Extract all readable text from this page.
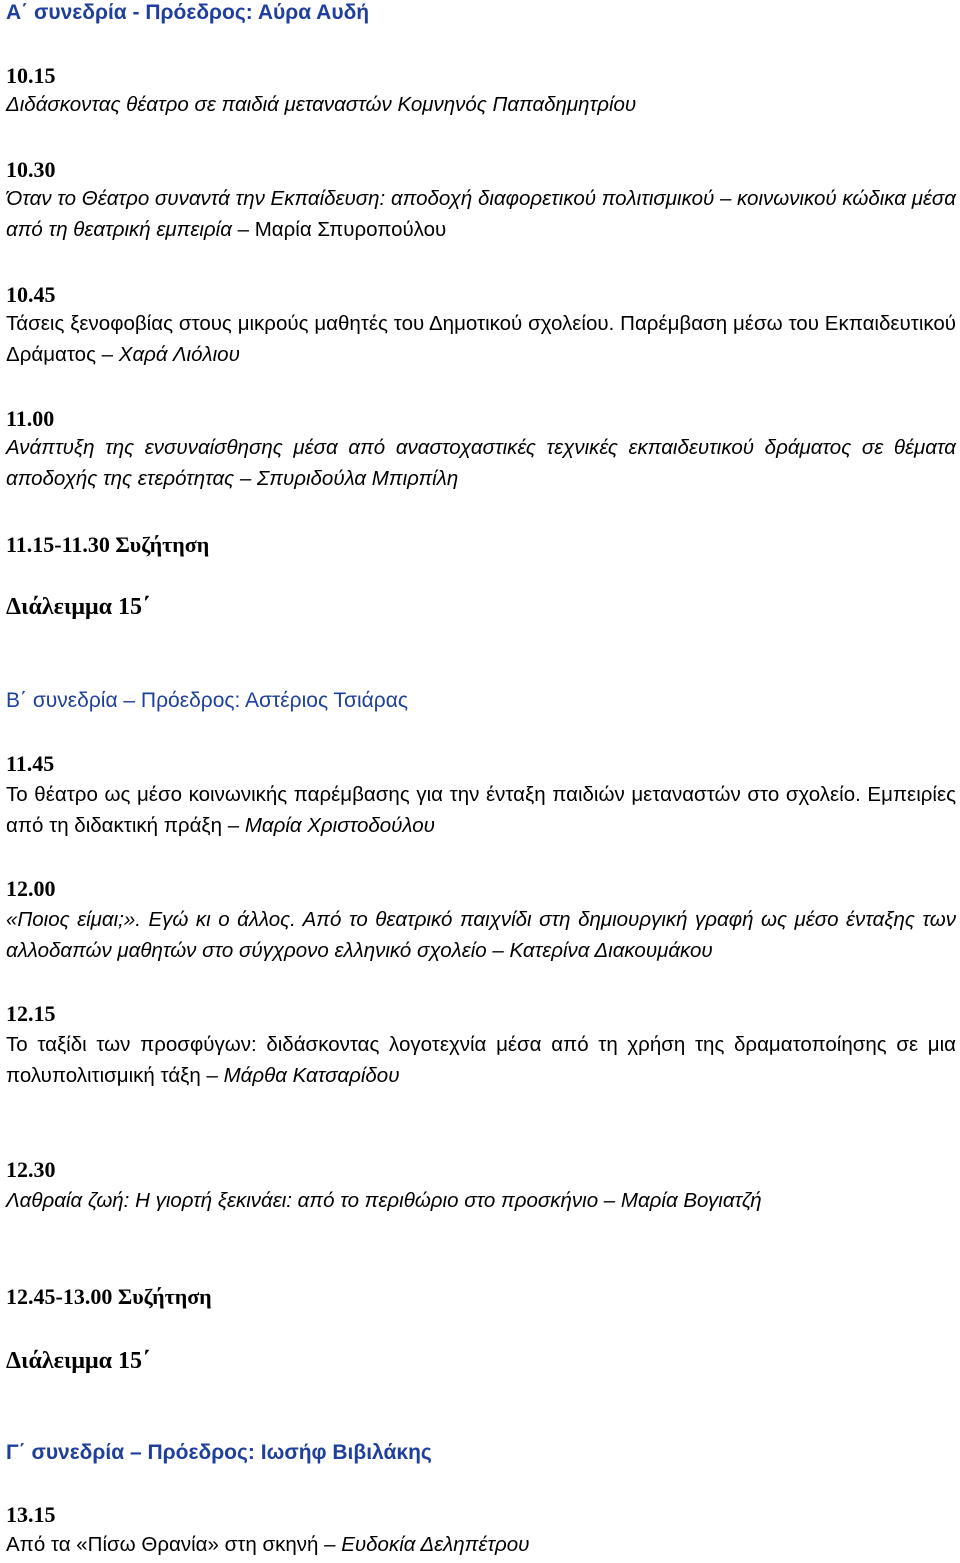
Α΄ συνεδρία - Πρόεδρος: Αύρα Αυδή
10.15
Διδάσκοντας θέατρο σε παιδιά μεταναστών Κομνηνός Παπαδημητρίου
10.30
Όταν το Θέατρο συναντά την Εκπαίδευση: αποδοχή διαφορετικού πολιτισμικού – κοινωνικού κώδικα μέσα από τη θεατρική εμπειρία – Μαρία Σπυροπούλου
10.45
Τάσεις ξενοφοβίας στους μικρούς μαθητές του Δημοτικού σχολείου. Παρέμβαση μέσω του Εκπαιδευτικού Δράματος – Χαρά Λιόλιου
11.00
Ανάπτυξη της ενσυναίσθησης μέσα από αναστοχαστικές τεχνικές εκπαιδευτικού δράματος σε θέματα αποδοχής της ετερότητας – Σπυριδούλα Μπιρπίλη
11.15-11.30 Συζήτηση
Διάλειμμα 15΄
Β΄ συνεδρία – Πρόεδρος: Αστέριος Τσιάρας
11.45
Το θέατρο ως μέσο κοινωνικής παρέμβασης για την ένταξη παιδιών μεταναστών στο σχολείο. Εμπειρίες από τη διδακτική πράξη – Μαρία Χριστοδούλου
12.00
«Ποιος είμαι;». Εγώ κι ο άλλος. Από το θεατρικό παιχνίδι στη δημιουργική γραφή ως μέσο ένταξης των αλλοδαπών μαθητών στο σύγχρονο ελληνικό σχολείο – Κατερίνα Διακουμάκου
12.15
Το ταξίδι των προσφύγων: διδάσκοντας λογοτεχνία μέσα από τη χρήση της δραματοποίησης σε μια πολυπολιτισμική τάξη – Μάρθα Κατσαρίδου
12.30
Λαθραία ζωή: Η γιορτή ξεκινάει: από το περιθώριο στο προσκήνιο – Μαρία Βογιατζή
12.45-13.00 Συζήτηση
Διάλειμμα 15΄
Γ΄ συνεδρία – Πρόεδρος: Ιωσήφ Βιβιλάκης
13.15
Από τα «Πίσω Θρανία» στη σκηνή – Ευδοκία Δεληπέτρου
